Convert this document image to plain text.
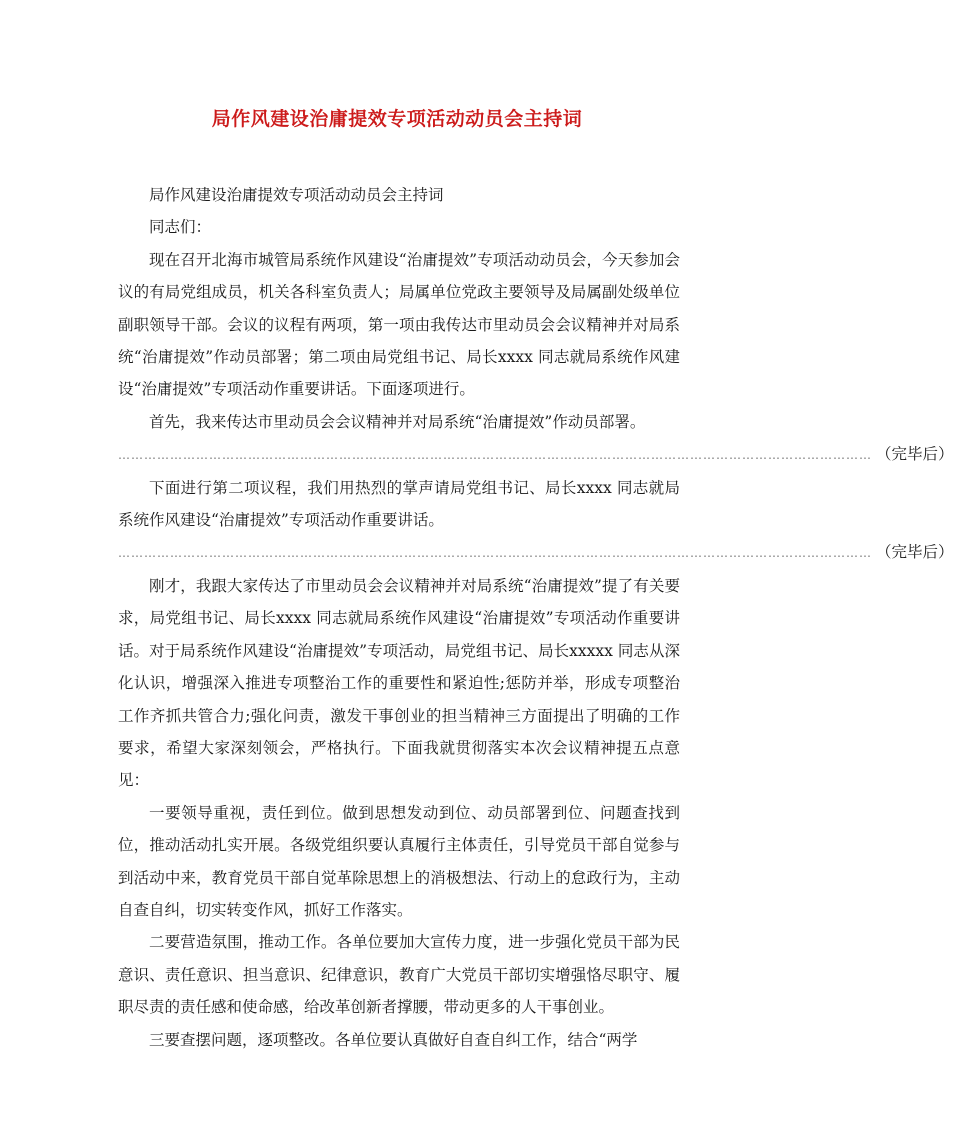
局作风建设治庸提效专项活动动员会主持词

局作风建设治庸提效专项活动动员会主持词

同志们：

现在召开北海市城管局系统作风建设“治庸提效”专项活动动员会，今天参加会议的有局党组成员，机关各科室负责人；局属单位党政主要领导及局属副处级单位副职领导干部。会议的议程有两项，第一项由我传达市里动员会会议精神并对局系统“治庸提效”作动员部署；第二项由局党组书记、局长xxxx 同志就局系统作风建设“治庸提效”专项活动作重要讲话。下面逐项进行。

首先，我来传达市里动员会会议精神并对局系统“治庸提效”作动员部署。

………………………………………………………………………………………………………………………………………………………… （完毕后）

下面进行第二项议程，我们用热烈的掌声请局党组书记、局长xxxx 同志就局系统作风建设“治庸提效”专项活动作重要讲话。

………………………………………………………………………………………………………………………………………………………… （完毕后）

刚才，我跟大家传达了市里动员会会议精神并对局系统“治庸提效”提了有关要求，局党组书记、局长xxxx 同志就局系统作风建设“治庸提效”专项活动作重要讲话。对于局系统作风建设“治庸提效”专项活动，局党组书记、局长xxxxx 同志从深化认识，增强深入推进专项整治工作的重要性和紧迫性;惩防并举，形成专项整治工作齐抓共管合力;强化问责，激发干事创业的担当精神三方面提出了明确的工作要求，希望大家深刻领会，严格执行。下面我就贯彻落实本次会议精神提五点意见：

一要领导重视，责任到位。做到思想发动到位、动员部署到位、问题查找到位，推动活动扎实开展。各级党组织要认真履行主体责任，引导党员干部自觉参与到活动中来，教育党员干部自觉革除思想上的消极想法、行动上的怠政行为，主动自查自纠，切实转变作风，抓好工作落实。

二要营造氛围，推动工作。各单位要加大宣传力度，进一步强化党员干部为民意识、责任意识、担当意识、纪律意识，教育广大党员干部切实增强恪尽职守、履职尽责的责任感和使命感，给改革创新者撑腰，带动更多的人干事创业。

三要查摆问题，逐项整改。各单位要认真做好自查自纠工作，结合“两学
